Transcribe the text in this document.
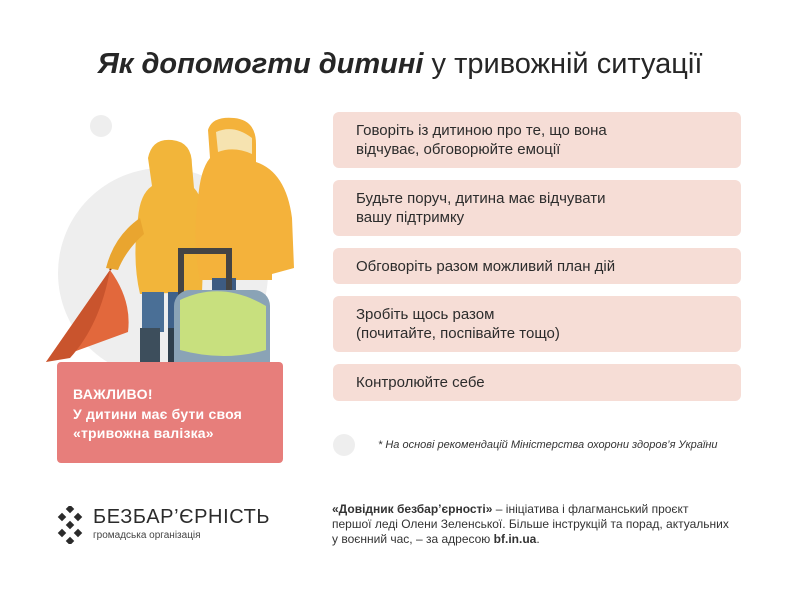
Як допомогти дитині у тривожній ситуації
ВАЖЛИВО!
У дитини має бути своя
«тривожна валізка»
Говоріть із дитиною про те, що вона
відчуває, обговорюйте емоції
Будьте поруч, дитина має відчувати
вашу підтримку
Обговоріть разом можливий план дій
Зробіть щось разом
(почитайте, поспівайте тощо)
Контролюйте себе
* На основі рекомендацій Міністерства охорони здоров’я України
БЕЗБАР’ЄРНІСТЬ
громадська організація
«Довідник безбар’єрності» – ініціатива і флагманський проєкт
першої леді Олени Зеленської. Більше інструкцій та порад, актуальних
у воєнний час, – за адресою bf.in.ua.
